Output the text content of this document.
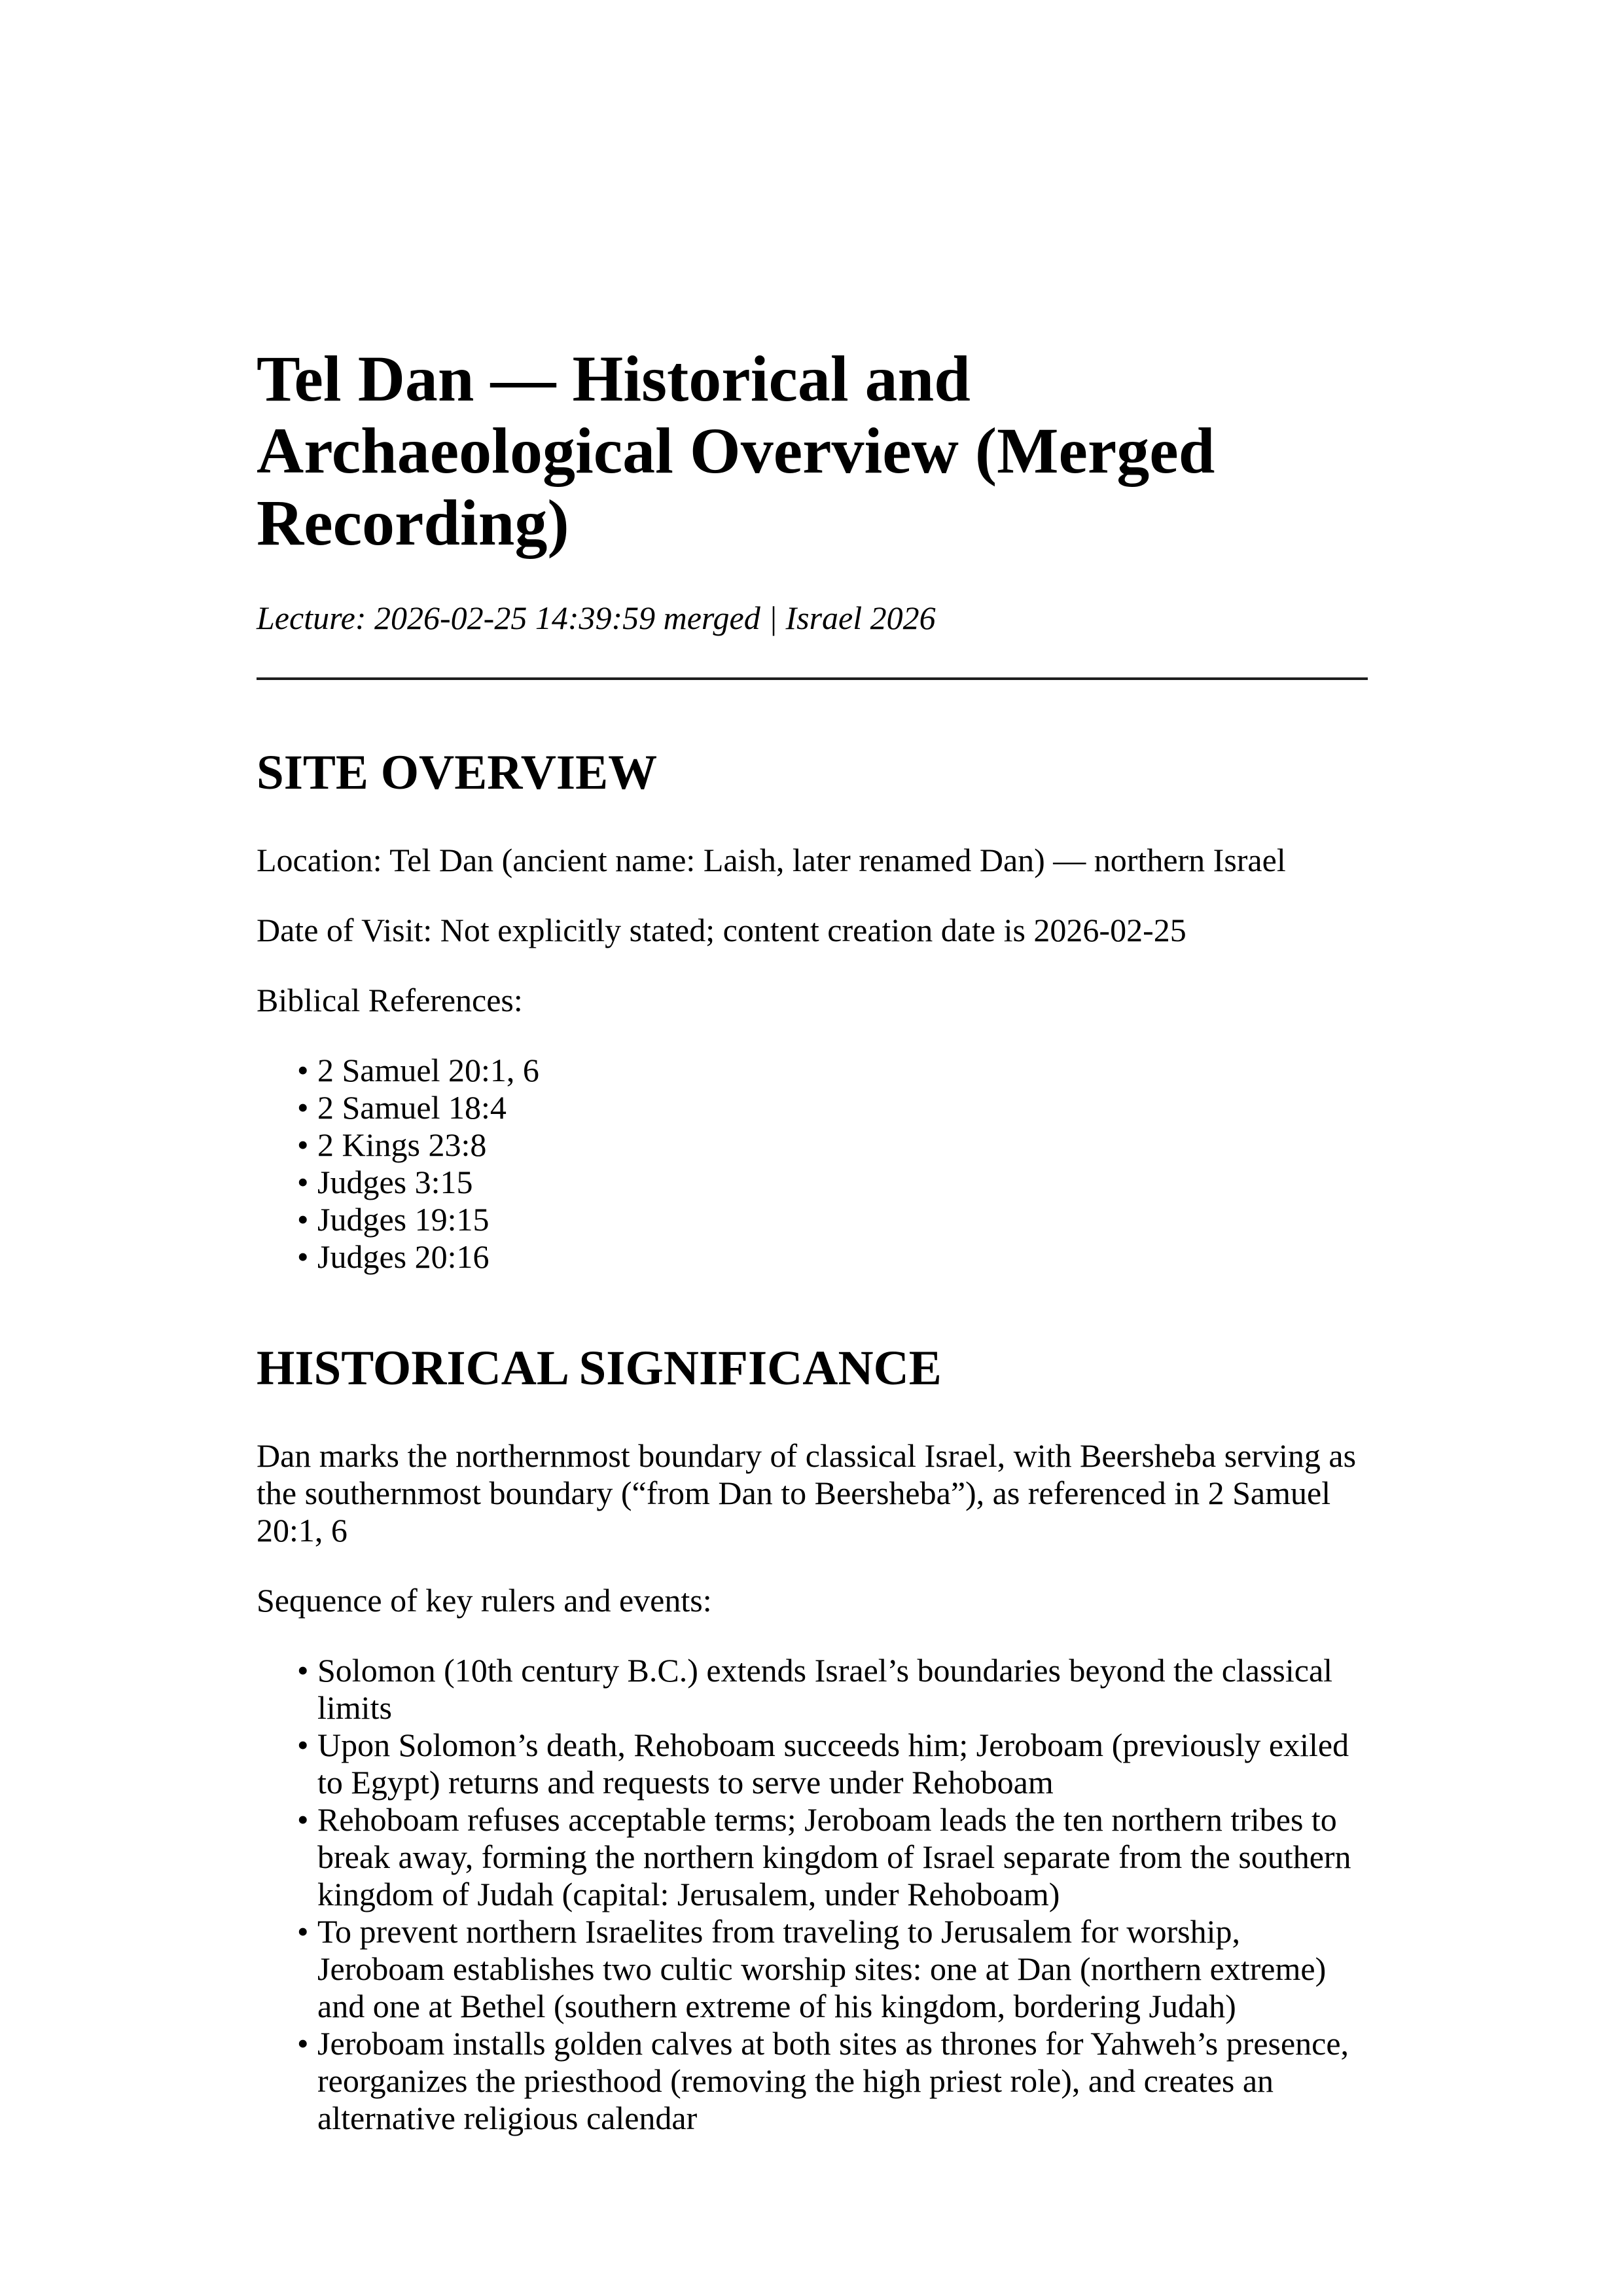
Tel Dan — Historical and Archaeological Overview (Merged Recording)

Lecture: 2026-02-25 14:39:59 merged | Israel 2026

SITE OVERVIEW

Location: Tel Dan (ancient name: Laish, later renamed Dan) — northern Israel

Date of Visit: Not explicitly stated; content creation date is 2026-02-25

Biblical References:

• 2 Samuel 20:1, 6
• 2 Samuel 18:4
• 2 Kings 23:8
• Judges 3:15
• Judges 19:15
• Judges 20:16
HISTORICAL SIGNIFICANCE

Dan marks the northernmost boundary of classical Israel, with Beersheba serving as the southernmost boundary (“from Dan to Beersheba”), as referenced in 2 Samuel 20:1, 6

Sequence of key rulers and events:

• Solomon (10th century B.C.) extends Israel’s boundaries beyond the classical limits
• Upon Solomon’s death, Rehoboam succeeds him; Jeroboam (previously exiled to Egypt) returns and requests to serve under Rehoboam
• Rehoboam refuses acceptable terms; Jeroboam leads the ten northern tribes to break away, forming the northern kingdom of Israel separate from the southern kingdom of Judah (capital: Jerusalem, under Rehoboam)
• To prevent northern Israelites from traveling to Jerusalem for worship, Jeroboam establishes two cultic worship sites: one at Dan (northern extreme) and one at Bethel (southern extreme of his kingdom, bordering Judah)
• Jeroboam installs golden calves at both sites as thrones for Yahweh’s presence, reorganizes the priesthood (removing the high priest role), and creates an alternative religious calendar
